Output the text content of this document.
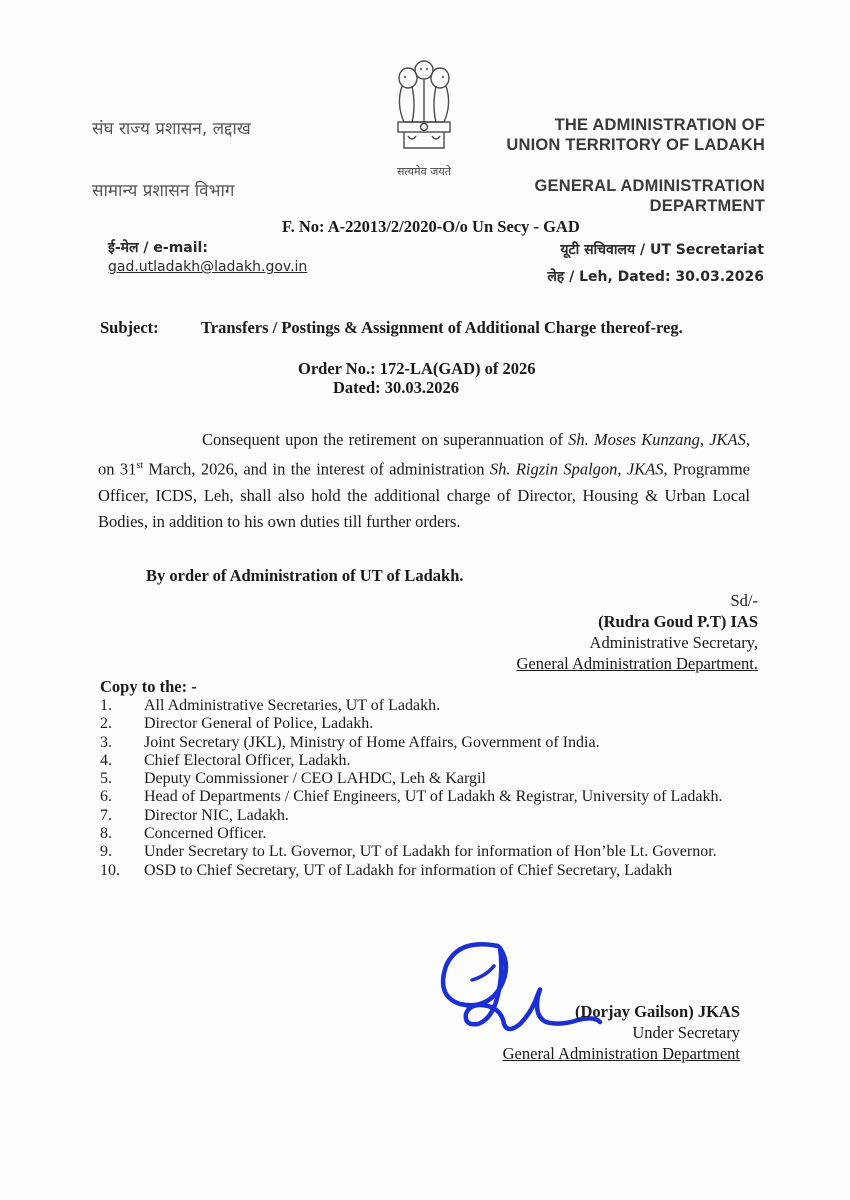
संघ राज्य प्रशासन, लद्दाख
सामान्य प्रशासन विभाग
सत्यमेव जयते
THE ADMINISTRATION OF
UNION TERRITORY OF LADAKH
GENERAL ADMINISTRATION
DEPARTMENT
F. No: A-22013/2/2020-O/o Un Secy - GAD
ई-मेल / e-mail:
gad.utladakh@ladakh.gov.in
यूटी सचिवालय / UT Secretariat
लेह / Leh, Dated: 30.03.2026
Subject:	Transfers / Postings & Assignment of Additional Charge thereof-reg.
Order No.: 172-LA(GAD) of 2026
Dated: 30.03.2026

Consequent upon the retirement on superannuation of Sh. Moses Kunzang, JKAS, on 31st March, 2026, and in the interest of administration Sh. Rigzin Spalgon, JKAS, Programme Officer, ICDS, Leh, shall also hold the additional charge of Director, Housing & Urban Local Bodies, in addition to his own duties till further orders.

By order of Administration of UT of Ladakh.
Sd/-
(Rudra Goud P.T) IAS
Administrative Secretary,
General Administration Department.
Copy to the: -
1. All Administrative Secretaries, UT of Ladakh.
2. Director General of Police, Ladakh.
3. Joint Secretary (JKL), Ministry of Home Affairs, Government of India.
4. Chief Electoral Officer, Ladakh.
5. Deputy Commissioner / CEO LAHDC, Leh & Kargil
6. Head of Departments / Chief Engineers, UT of Ladakh & Registrar, University of Ladakh.
7. Director NIC, Ladakh.
8. Concerned Officer.
9. Under Secretary to Lt. Governor, UT of Ladakh for information of Hon’ble Lt. Governor.
10. OSD to Chief Secretary, UT of Ladakh for information of Chief Secretary, Ladakh
(Dorjay Gailson) JKAS
Under Secretary
General Administration Department
